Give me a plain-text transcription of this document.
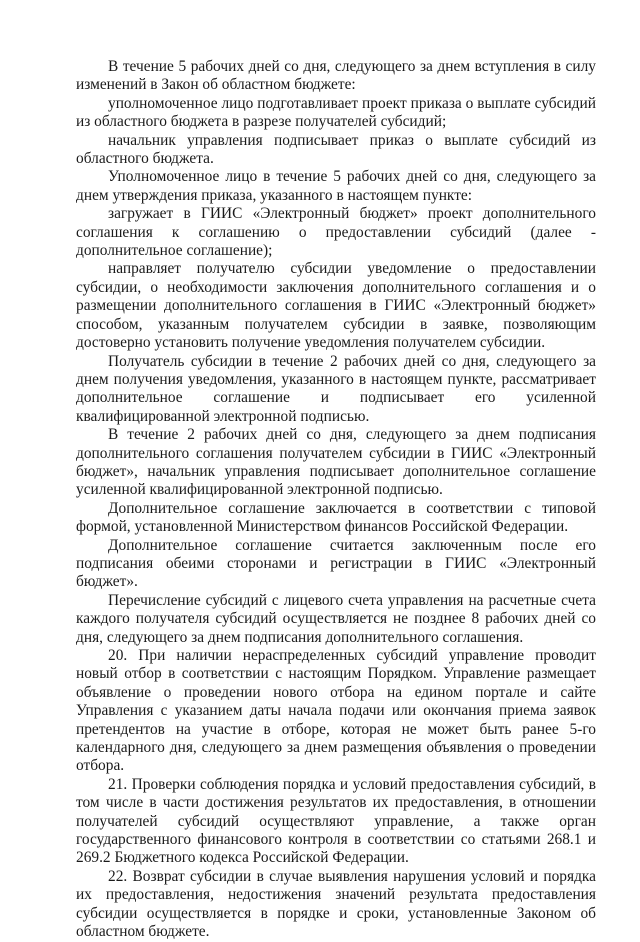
В течение 5 рабочих дней со дня, следующего за днем вступления в силу изменений в Закон об областном бюджете:

уполномоченное лицо подготавливает проект приказа о выплате субсидий из областного бюджета в разрезе получателей субсидий;

начальник управления подписывает приказ о выплате субсидий из областного бюджета.

Уполномоченное лицо в течение 5 рабочих дней со дня, следующего за днем утверждения приказа, указанного в настоящем пункте:

загружает в ГИИС «Электронный бюджет» проект дополнительного соглашения к соглашению о предоставлении субсидий (далее - дополнительное соглашение);

направляет получателю субсидии уведомление о предоставлении субсидии, о необходимости заключения дополнительного соглашения и о размещении дополнительного соглашения в ГИИС «Электронный бюджет» способом, указанным получателем субсидии в заявке, позволяющим достоверно установить получение уведомления получателем субсидии.

Получатель субсидии в течение 2 рабочих дней со дня, следующего за днем получения уведомления, указанного в настоящем пункте, рассматривает дополнительное соглашение и подписывает его усиленной квалифицированной электронной подписью.

В течение 2 рабочих дней со дня, следующего за днем подписания дополнительного соглашения получателем субсидии в ГИИС «Электронный бюджет», начальник управления подписывает дополнительное соглашение усиленной квалифицированной электронной подписью.

Дополнительное соглашение заключается в соответствии с типовой формой, установленной Министерством финансов Российской Федерации.

Дополнительное соглашение считается заключенным после его подписания обеими сторонами и регистрации в ГИИС «Электронный бюджет».

Перечисление субсидий с лицевого счета управления на расчетные счета каждого получателя субсидий осуществляется не позднее 8 рабочих дней со дня, следующего за днем подписания дополнительного соглашения.

20. При наличии нераспределенных субсидий управление проводит новый отбор в соответствии с настоящим Порядком. Управление размещает объявление о проведении нового отбора на едином портале и сайте Управления с указанием даты начала подачи или окончания приема заявок претендентов на участие в отборе, которая не может быть ранее 5-го календарного дня, следующего за днем размещения объявления о проведении отбора.

21. Проверки соблюдения порядка и условий предоставления субсидий, в том числе в части достижения результатов их предоставления, в отношении получателей субсидий осуществляют управление, а также орган государственного финансового контроля в соответствии со статьями 268.1 и 269.2 Бюджетного кодекса Российской Федерации.

22. Возврат субсидии в случае выявления нарушения условий и порядка их предоставления, недостижения значений результата предоставления субсидии осуществляется в порядке и сроки, установленные Законом об областном бюджете.
